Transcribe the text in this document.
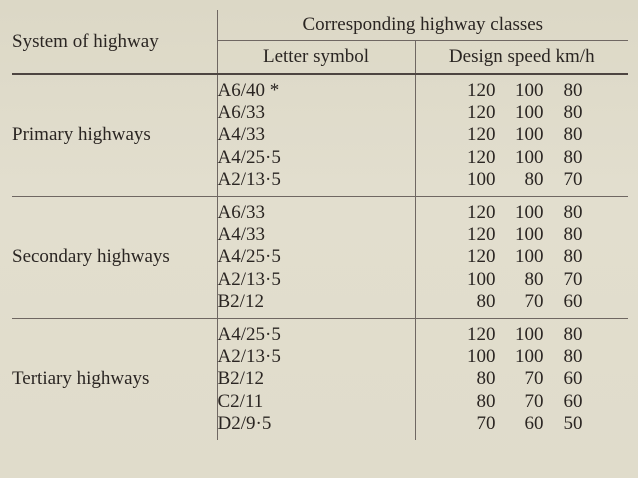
System of highway	Corresponding highway classes	
	Letter symbol	Design speed km/h

Primary highways	A6/40 *	120 100 80
	A6/33	120 100 80
	A4/33	120 100 80
	A4/25·5	120 100 80
	A2/13·5	100 80 70

Secondary highways	A6/33	120 100 80
	A4/33	120 100 80
	A4/25·5	120 100 80
	A2/13·5	100 80 70
	B2/12	80 70 60

Tertiary highways	A4/25·5	120 100 80
	A2/13·5	100 100 80
	B2/12	80 70 60
	C2/11	80 70 60
	D2/9·5	70 60 50
